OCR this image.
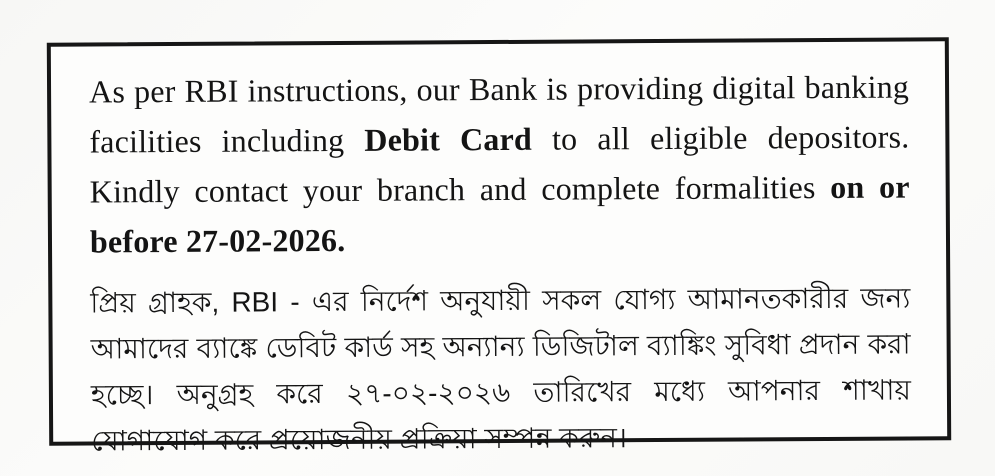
As per RBI instructions, our Bank is providing digital banking facilities including Debit Card to all eligible depositors. Kindly contact your branch and complete formalities on or before 27-02-2026.

প্রিয় গ্রাহক, RBI - এর নির্দেশ অনুযায়ী সকল যোগ্য আমানতকারীর জন্য আমাদের ব্যাঙ্কে ডেবিট কার্ড সহ অন্যান্য ডিজিটাল ব্যাঙ্কিং সুবিধা প্রদান করা হচ্ছে। অনুগ্রহ করে ২৭-০২-২০২৬ তারিখের মধ্যে আপনার শাখায় যোগাযোগ করে প্রয়োজনীয় প্রক্রিয়া সম্পন্ন করুন।
